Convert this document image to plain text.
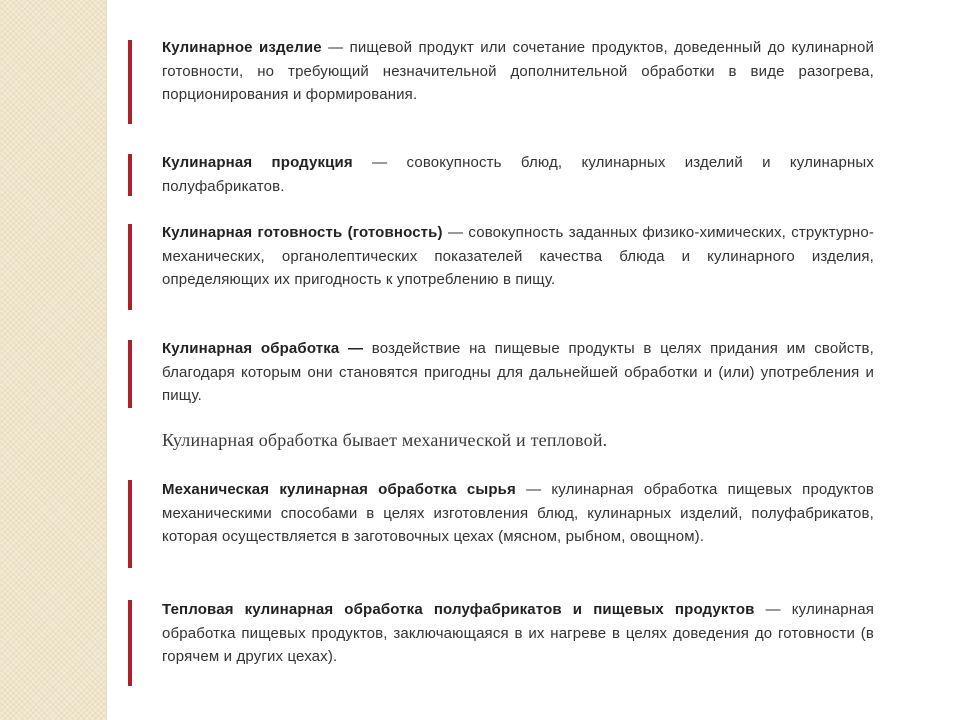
Кулинарное изделие — пищевой продукт или сочетание продуктов, доведенный до кулинарной готовности, но требующий незначительной дополнительной обработки в виде разогрева, порционирования и формирования.
Кулинарная продукция — совокупность блюд, кулинарных изделий и кулинарных полуфабрикатов.
Кулинарная готовность (готовность) — совокупность заданных физико-химических, структурно-механических, органолептических показателей качества блюда и кулинарного изделия, определяющих их пригодность к употреблению в пищу.
Кулинарная обработка — воздействие на пищевые продукты в целях придания им свойств, благодаря которым они становятся пригодны для дальнейшей обработки и (или) употребления и пищу.
Кулинарная обработка бывает механической и тепловой.
Механическая кулинарная обработка сырья — кулинарная обработка пищевых продуктов механическими способами в целях изготовления блюд, кулинарных изделий, полуфабрикатов, которая осуществляется в заготовочных цехах (мясном, рыбном, овощном).
Тепловая кулинарная обработка полуфабрикатов и пищевых продуктов — кулинарная обработка пищевых продуктов, заключающаяся в их нагреве в целях доведения до готовности (в горячем и других цехах).
